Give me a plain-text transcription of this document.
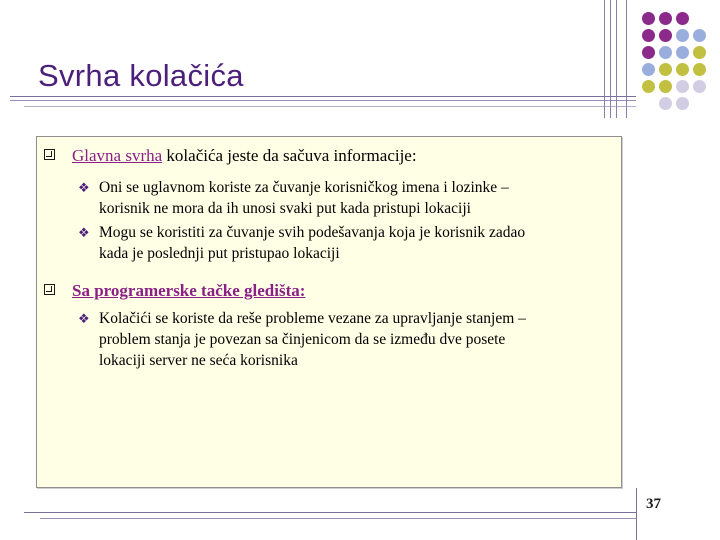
Svrha kolačića
Glavna svrha kolačića jeste da sačuva informacije:
❖ Oni se uglavnom koriste za čuvanje korisničkog imena i lozinke –
korisnik ne mora da ih unosi svaki put kada pristupi lokaciji
❖ Mogu se koristiti za čuvanje svih podešavanja koja je korisnik zadao
kada je poslednji put pristupao lokaciji
Sa programerske tačke gledišta:
❖ Kolačići se koriste da reše probleme vezane za upravljanje stanjem –
problem stanja je povezan sa činjenicom da se između dve posete
lokaciji server ne seća korisnika
37
